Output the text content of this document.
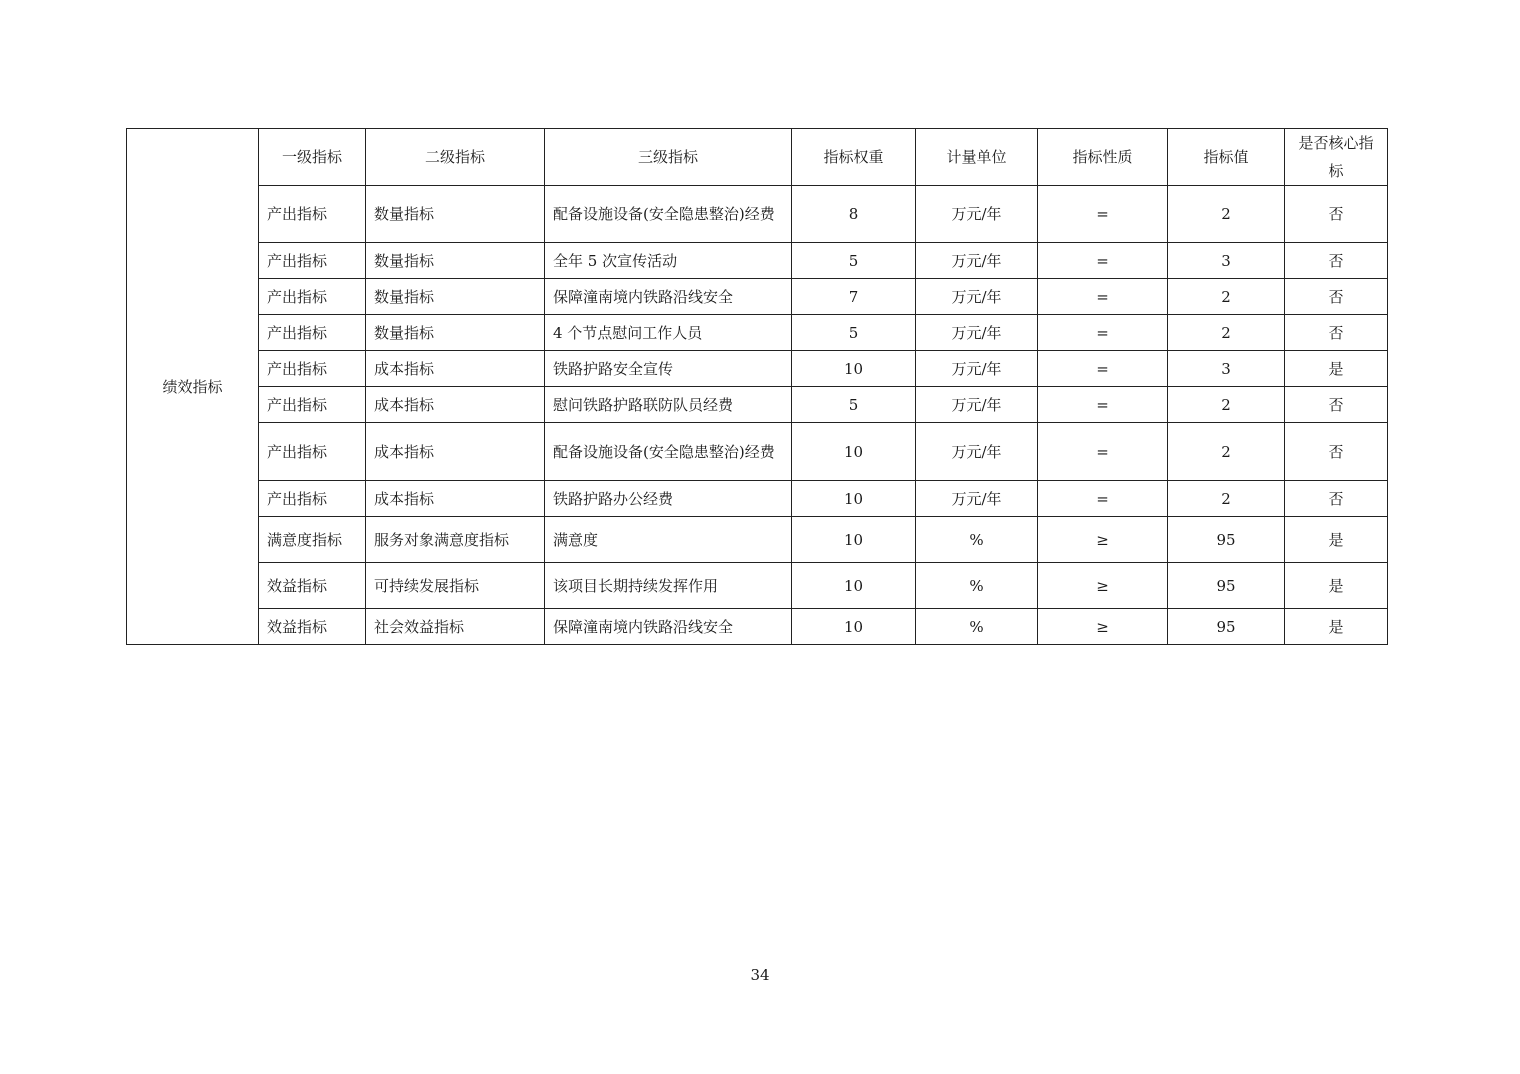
绩效指标	一级指标	二级指标	三级指标	指标权重	计量单位	指标性质	指标值	是否核心指标
	产出指标	数量指标	配备设施设备(安全隐患整治)经费	8	万元/年	=	2	否
	产出指标	数量指标	全年 5 次宣传活动	5	万元/年	=	3	否
	产出指标	数量指标	保障潼南境内铁路沿线安全	7	万元/年	=	2	否
	产出指标	数量指标	4 个节点慰问工作人员	5	万元/年	=	2	否
	产出指标	成本指标	铁路护路安全宣传	10	万元/年	=	3	是
	产出指标	成本指标	慰问铁路护路联防队员经费	5	万元/年	=	2	否
	产出指标	成本指标	配备设施设备(安全隐患整治)经费	10	万元/年	=	2	否
	产出指标	成本指标	铁路护路办公经费	10	万元/年	=	2	否
	满意度指标	服务对象满意度指标	满意度	10	%	≥	95	是
	效益指标	可持续发展指标	该项目长期持续发挥作用	10	%	≥	95	是
	效益指标	社会效益指标	保障潼南境内铁路沿线安全	10	%	≥	95	是
34
